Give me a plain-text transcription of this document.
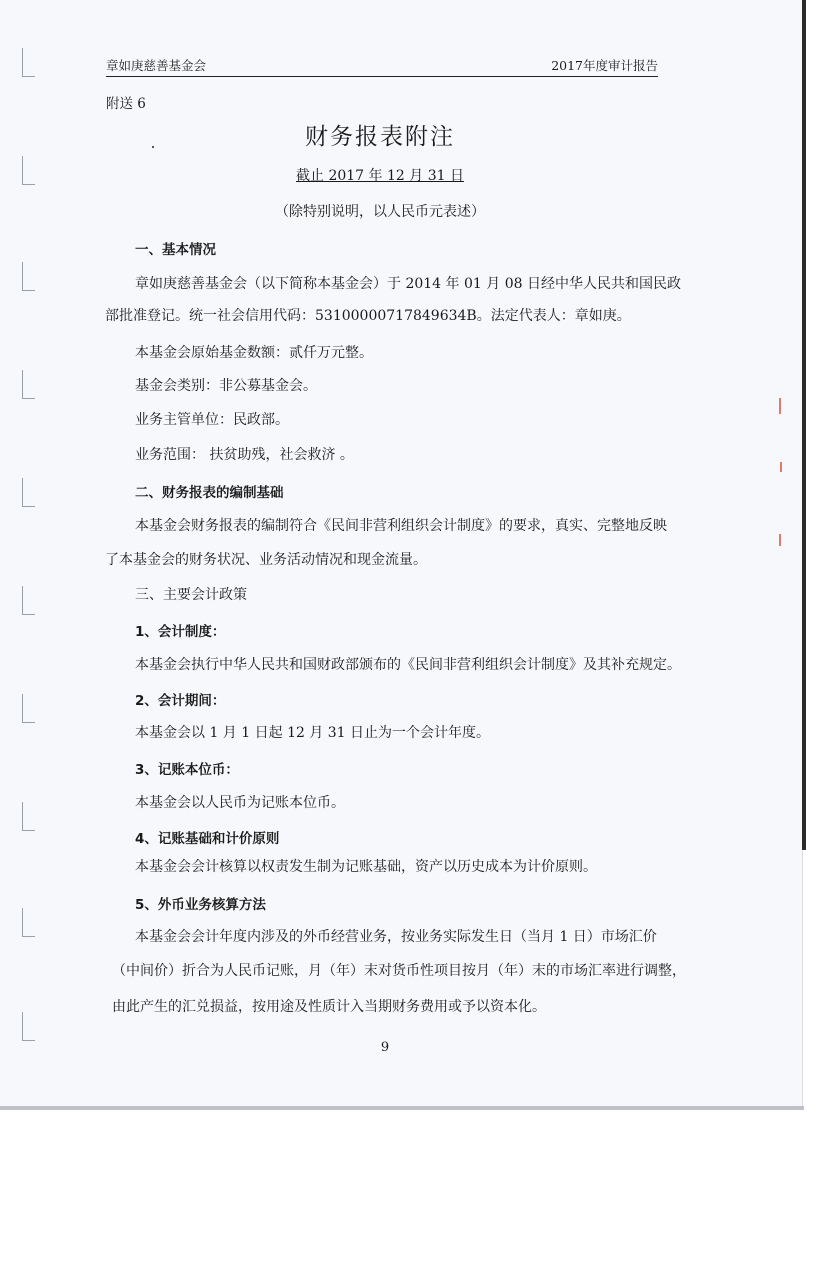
章如庚慈善基金会	2017年度审计报告
附送 6
财务报表附注
截止 2017 年 12 月 31 日
（除特别说明，以人民币元表述）
一、基本情况
章如庚慈善基金会（以下简称本基金会）于 2014 年 01 月 08 日经中华人民共和国民政
部批准登记。统一社会信用代码：53100000717849634B。法定代表人：章如庚。
本基金会原始基金数额：贰仟万元整。
基金会类别：非公募基金会。
业务主管单位：民政部。
业务范围： 扶贫助残，社会救济 。
二、财务报表的编制基础
本基金会财务报表的编制符合《民间非营利组织会计制度》的要求，真实、完整地反映
了本基金会的财务状况、业务活动情况和现金流量。
三、主要会计政策
1、会计制度：
本基金会执行中华人民共和国财政部颁布的《民间非营利组织会计制度》及其补充规定。
2、会计期间：
本基金会以 1 月 1 日起 12 月 31 日止为一个会计年度。
3、记账本位币：
本基金会以人民币为记账本位币。
4、记账基础和计价原则
本基金会会计核算以权责发生制为记账基础，资产以历史成本为计价原则。
5、外币业务核算方法
本基金会会计年度内涉及的外币经营业务，按业务实际发生日（当月 1 日）市场汇价
（中间价）折合为人民币记账，月（年）末对货币性项目按月（年）末的市场汇率进行调整，
由此产生的汇兑损益，按用途及性质计入当期财务费用或予以资本化。
9
